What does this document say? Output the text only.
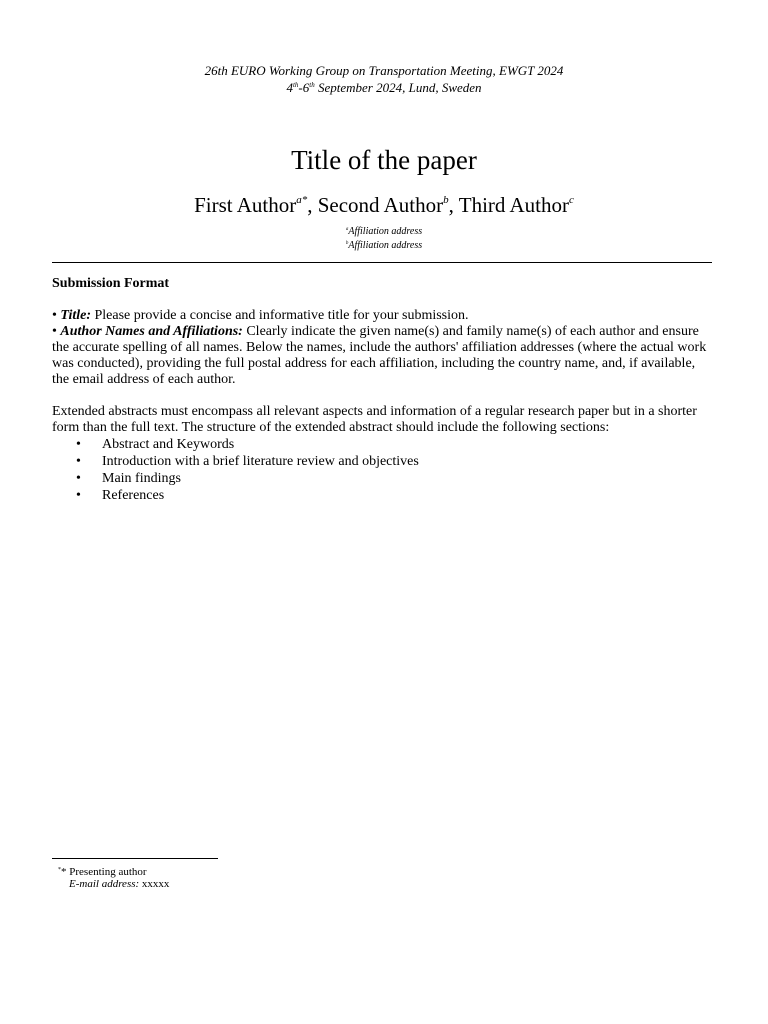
26th EURO Working Group on Transportation Meeting, EWGT 2024
4th-6th September 2024, Lund, Sweden
Title of the paper
First Author$^{a*}$, Second Author$^b$, Third Author$^c$
$^a$Affiliation address
$^b$Affiliation address

Submission Format

• Title: Please provide a concise and informative title for your submission.

• Author Names and Affiliations: Clearly indicate the given name(s) and family name(s) of each author and ensure the accurate spelling of all names. Below the names, include the authors' affiliation addresses (where the actual work was conducted), providing the full postal address for each affiliation, including the country name, and, if available, the email address of each author.

Extended abstracts must encompass all relevant aspects and information of a regular research paper but in a shorter form than the full text. The structure of the extended abstract should include the following sections:

• Abstract and Keywords
• Introduction with a brief literature review and objectives
• Main findings
• References
** Presenting author
E-mail address: xxxxx
